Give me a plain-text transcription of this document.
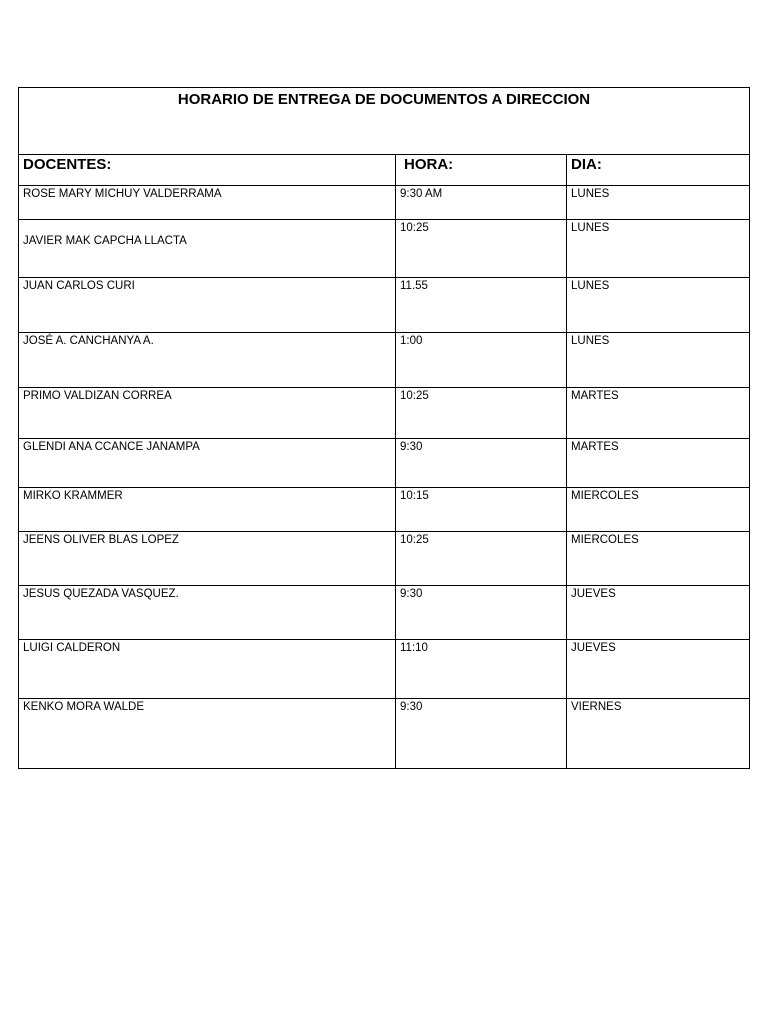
HORARIO DE ENTREGA DE DOCUMENTOS A DIRECCION		
DOCENTES:	HORA:	DIA:
ROSE MARY MICHUY VALDERRAMA	9:30 AM	LUNES

JAVIER MAK CAPCHA LLACTA	10:25	LUNES
JUAN CARLOS CURI	11.55	LUNES
JOSÉ A. CANCHANYA A.	1:00	LUNES
PRIMO VALDIZAN CORREA	10:25	MARTES
GLENDI ANA CCANCE JANAMPA	9:30	MARTES
MIRKO KRAMMER	10:15	MIERCOLES
JEENS OLIVER BLAS LOPEZ	10:25	MIERCOLES
JESUS QUEZADA VASQUEZ.	9:30	JUEVES
LUIGI CALDERON	11:10	JUEVES
KENKO MORA WALDE	9:30	VIERNES
